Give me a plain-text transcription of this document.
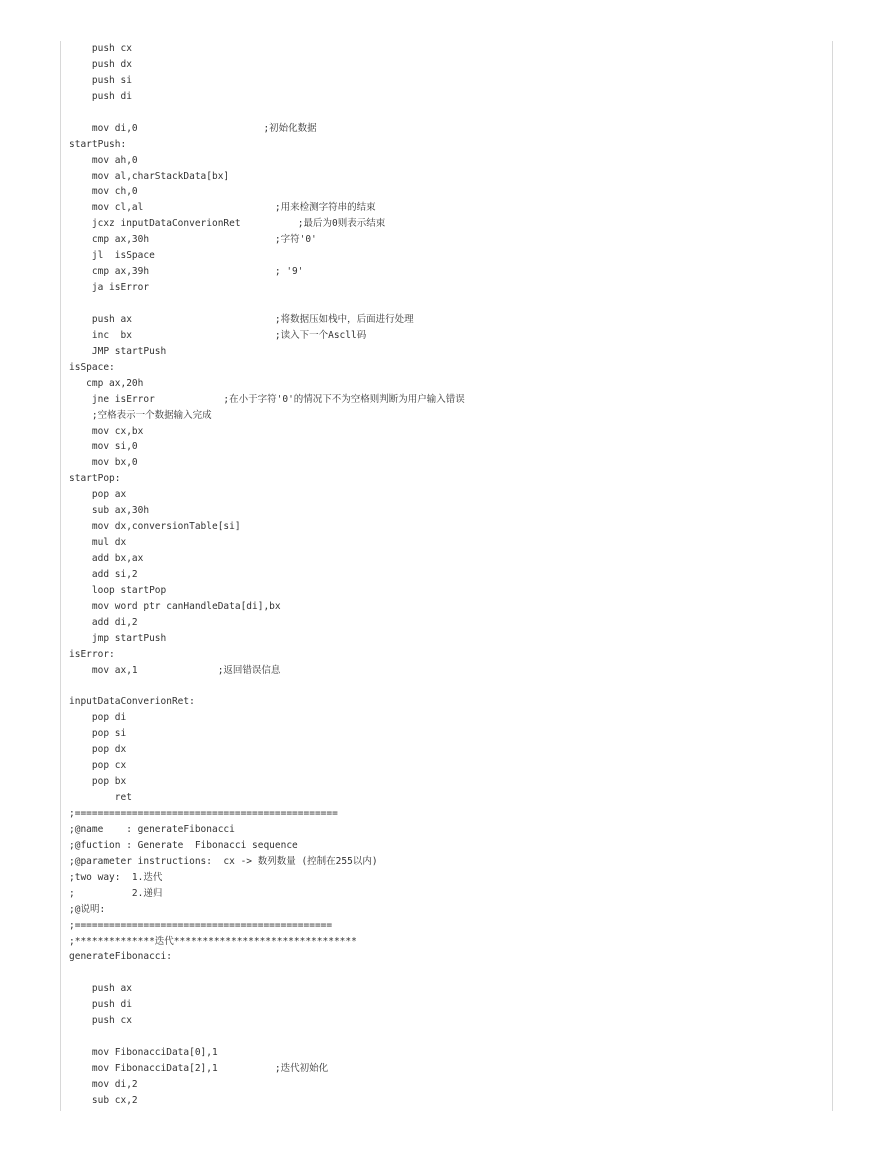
push cx
push dx
push si
push di
mov di,0                      ;初始化数据
startPush:
mov ah,0
mov al,charStackData[bx]
mov ch,0
mov cl,al                       ;用来检测字符串的结束
jcxz inputDataConverionRet          ;最后为0则表示结束
cmp ax,30h                      ;字符'0'
jl  isSpace
cmp ax,39h                      ; '9'
ja isError
push ax                         ;将数据压如栈中，后面进行处理
inc  bx                         ;读入下一个Ascll码
JMP startPush
isSpace:
cmp ax,20h
jne isError            ;在小于字符'0'的情况下不为空格则判断为用户输入错误
;空格表示一个数据输入完成
mov cx,bx
mov si,0
mov bx,0
startPop:
pop ax
sub ax,30h
mov dx,conversionTable[si]
mul dx
add bx,ax
add si,2
loop startPop
mov word ptr canHandleData[di],bx
add di,2
jmp startPush
isError:
mov ax,1              ;返回错误信息
inputDataConverionRet:
pop di
pop si
pop dx
pop cx
pop bx
ret
;==============================================
;@name    : generateFibonacci
;@fuction : Generate  Fibonacci sequence
;@parameter instructions:  cx -> 数列数量 (控制在255以内)
;two way:  1.迭代
;          2.递归
;@说明:
;=============================================
;**************迭代********************************
generateFibonacci:
push ax
push di
push cx
mov FibonacciData[0],1
mov FibonacciData[2],1          ;迭代初始化
mov di,2
sub cx,2
